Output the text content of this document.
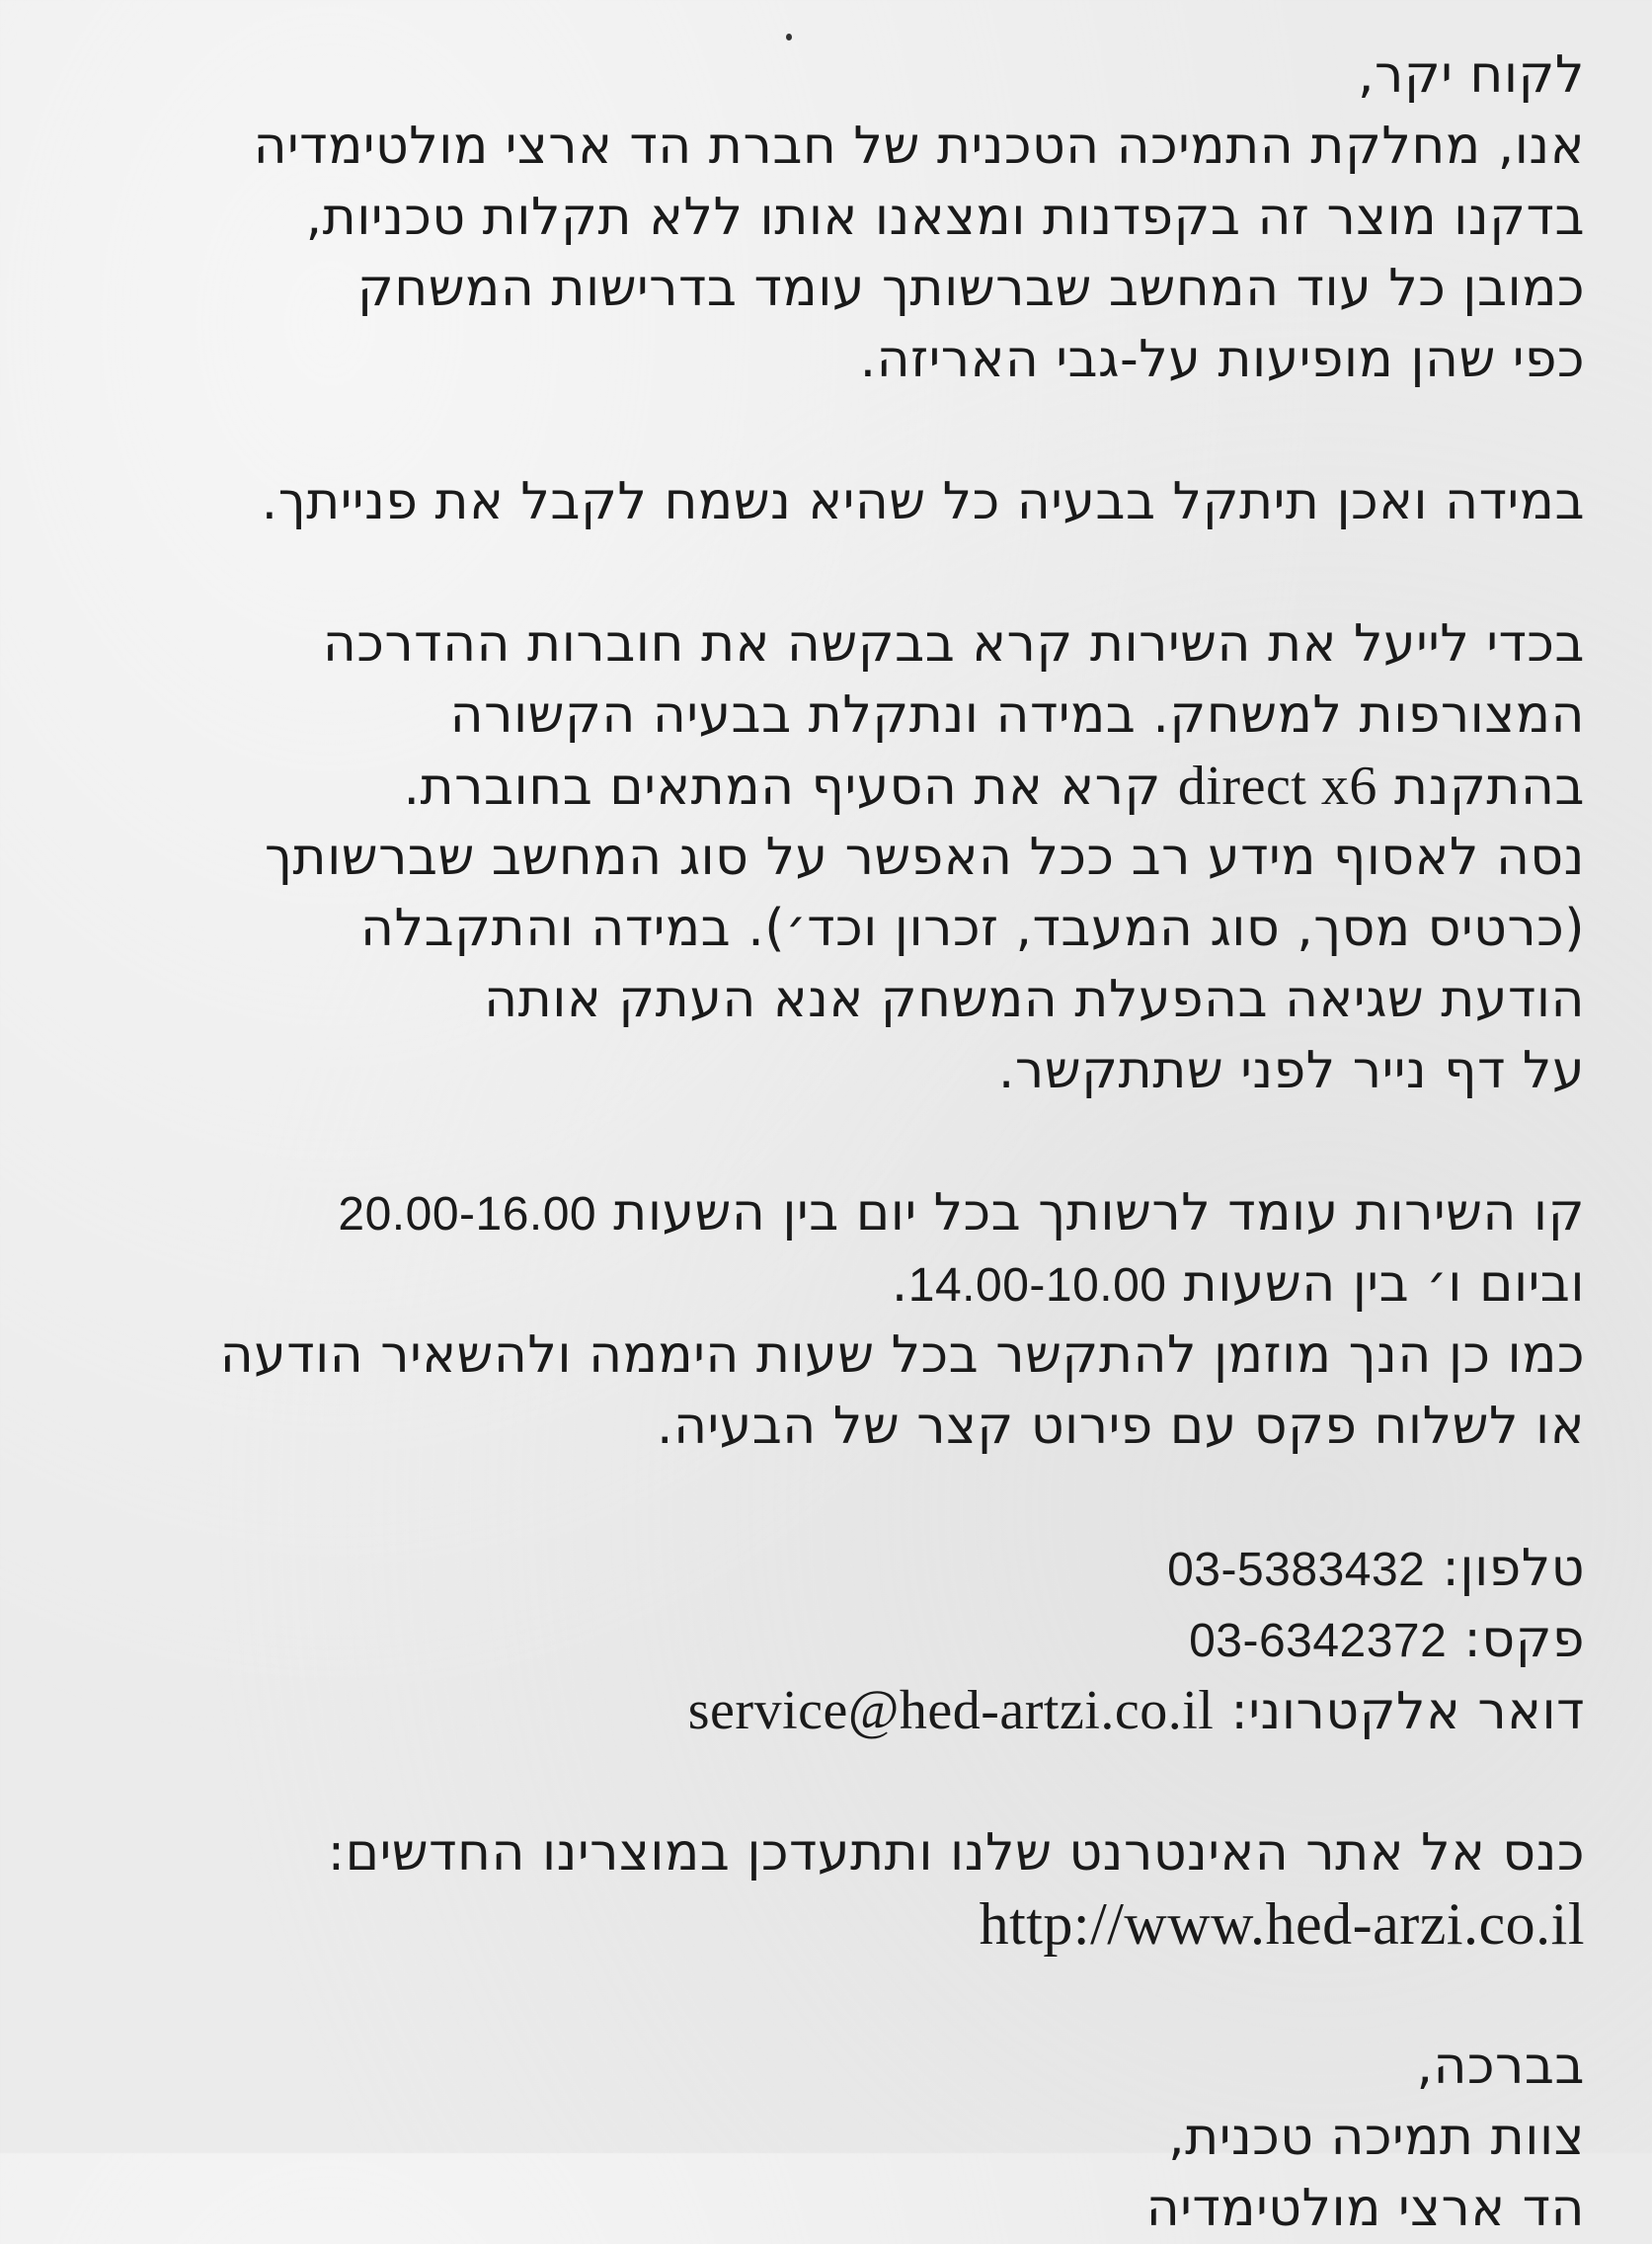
לקוח יקר,
אנו, מחלקת התמיכה הטכנית של חברת הד ארצי מולטימדיה
בדקנו מוצר זה בקפדנות ומצאנו אותו ללא תקלות טכניות,
כמובן כל עוד המחשב שברשותך עומד בדרישות המשחק
כפי שהן מופיעות על-גבי האריזה.
במידה ואכן תיתקל בבעיה כל שהיא נשמח לקבל את פנייתך.
בכדי לייעל את השירות קרא בבקשה את חוברות ההדרכה
המצורפות למשחק. במידה ונתקלת בבעיה הקשורה
בהתקנת direct x6 קרא את הסעיף המתאים בחוברת.
נסה לאסוף מידע רב ככל האפשר על סוג המחשב שברשותך
(כרטיס מסך, סוג המעבד, זכרון וכד׳). במידה והתקבלה
הודעת שגיאה בהפעלת המשחק אנא העתק אותה
על דף נייר לפני שתתקשר.
קו השירות עומד לרשותך בכל יום בין השעות 20.00-16.00
וביום ו׳ בין השעות 14.00-10.00.
כמו כן הנך מוזמן להתקשר בכל שעות היממה ולהשאיר הודעה
או לשלוח פקס עם פירוט קצר של הבעיה.
טלפון: 03-5383432
פקס: 03-6342372
דואר אלקטרוני: service@hed-artzi.co.il
כנס אל אתר האינטרנט שלנו ותתעדכן במוצרינו החדשים:
http://www.hed-arzi.co.il
בברכה,
צוות תמיכה טכנית,
הד ארצי מולטימדיה
